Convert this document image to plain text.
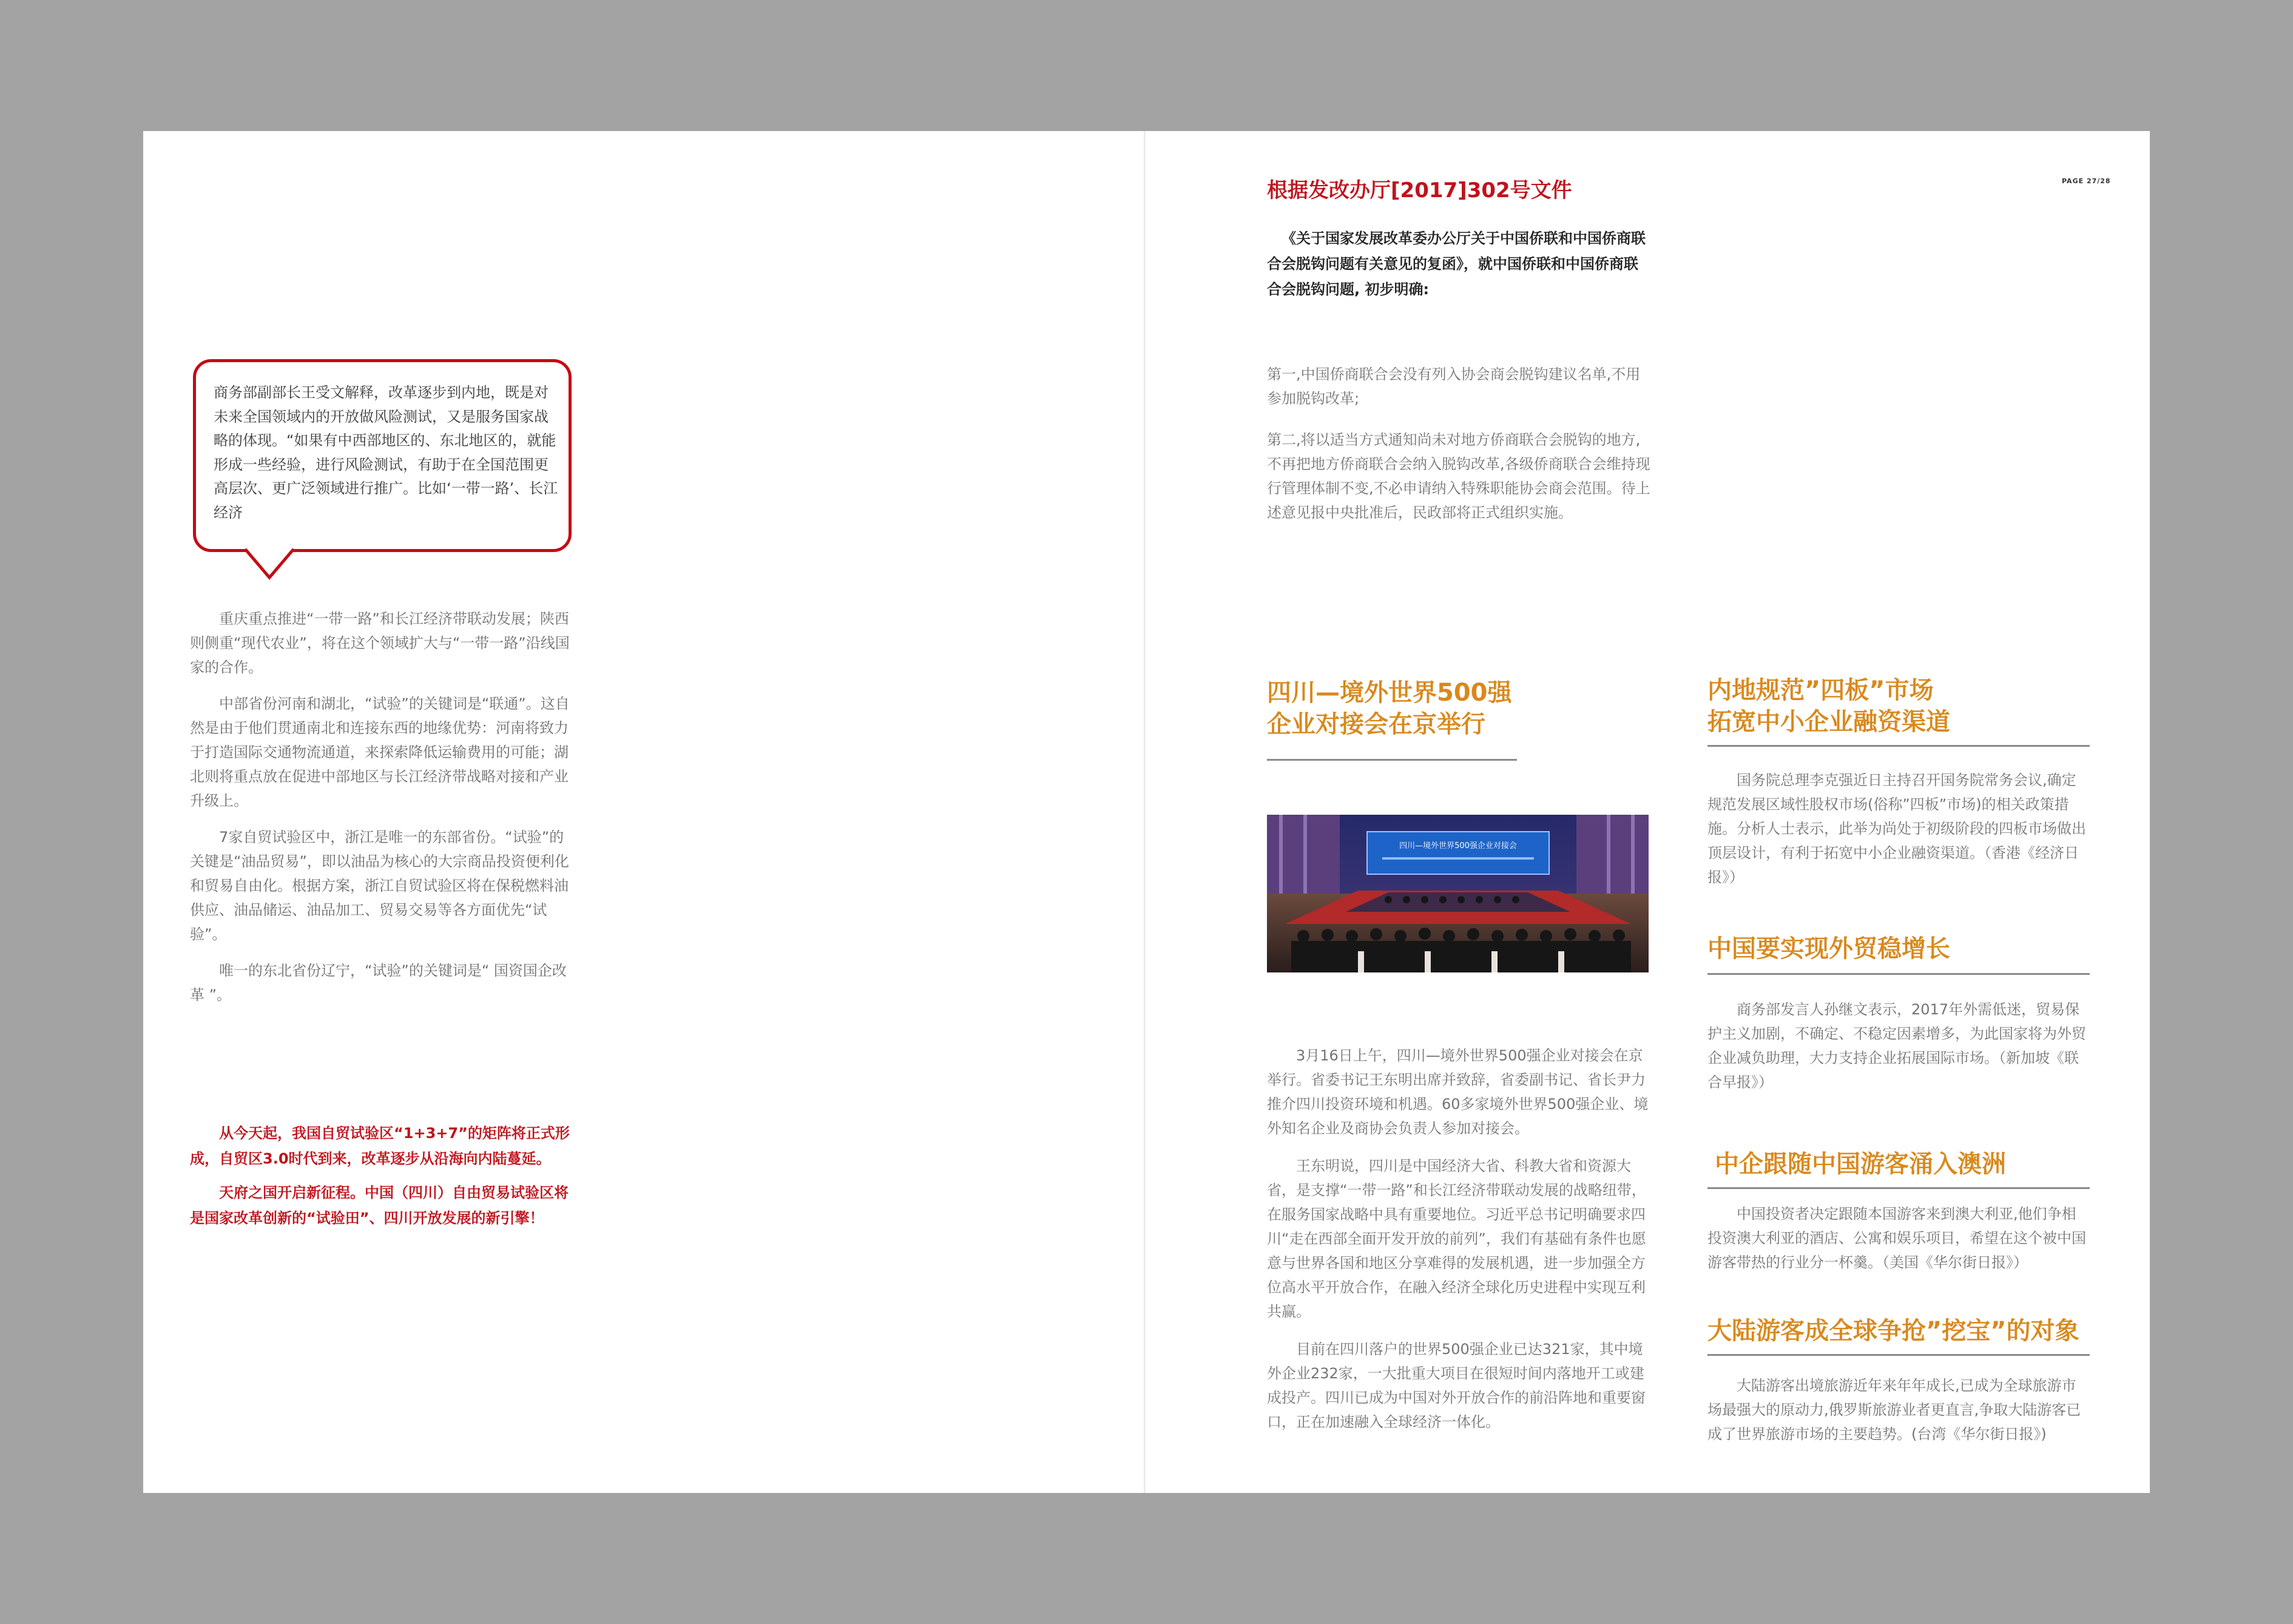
商务部副部长王受文解释，改革逐步到内地，既是对未来全国领域内的开放做风险测试，又是服务国家战略的体现。“如果有中西部地区的、东北地区的，就能形成一些经验，进行风险测试，有助于在全国范围更高层次、更广泛领域进行推广。比如‘一带一路’、长江经济

重庆重点推进“一带一路”和长江经济带联动发展；陕西则侧重“现代农业”，将在这个领域扩大与“一带一路”沿线国家的合作。

中部省份河南和湖北，“试验”的关键词是“联通”。这自然是由于他们贯通南北和连接东西的地缘优势：河南将致力于打造国际交通物流通道，来探索降低运输费用的可能；湖北则将重点放在促进中部地区与长江经济带战略对接和产业升级上。

7家自贸试验区中，浙江是唯一的东部省份。“试验”的关键是“油品贸易”，即以油品为核心的大宗商品投资便利化和贸易自由化。根据方案，浙江自贸试验区将在保税燃料油供应、油品储运、油品加工、贸易交易等各方面优先“试验”。

唯一的东北省份辽宁，“试验”的关键词是“ 国资国企改革 ”。

从今天起，我国自贸试验区“1+3+7”的矩阵将正式形成，自贸区3.0时代到来，改革逐步从沿海向内陆蔓延。

天府之国开启新征程。中国（四川）自由贸易试验区将是国家改革创新的“试验田”、四川开放发展的新引擎！

根据发改办厅[2017]302号文件	PAGE 27/28
《关于国家发展改革委办公厅关于中国侨联和中国侨商联合会脱钩问题有关意见的复函》，就中国侨联和中国侨商联合会脱钩问题, 初步明确:

第一,中国侨商联合会没有列入协会商会脱钩建议名单,不用参加脱钩改革;

第二,将以适当方式通知尚未对地方侨商联合会脱钩的地方,不再把地方侨商联合会纳入脱钩改革,各级侨商联合会维持现行管理体制不变,不必申请纳入特殊职能协会商会范围。待上述意见报中央批准后，民政部将正式组织实施。

四川—境外世界500强
企业对接会在京举行
四川—境外世界500强企业对接会

3月16日上午，四川—境外世界500强企业对接会在京举行。省委书记王东明出席并致辞，省委副书记、省长尹力推介四川投资环境和机遇。60多家境外世界500强企业、境外知名企业及商协会负责人参加对接会。

王东明说，四川是中国经济大省、科教大省和资源大省，是支撑“一带一路”和长江经济带联动发展的战略纽带，在服务国家战略中具有重要地位。习近平总书记明确要求四川“走在西部全面开发开放的前列”，我们有基础有条件也愿意与世界各国和地区分享难得的发展机遇，进一步加强全方位高水平开放合作，在融入经济全球化历史进程中实现互利共赢。

目前在四川落户的世界500强企业已达321家，其中境外企业232家，一大批重大项目在很短时间内落地开工或建成投产。四川已成为中国对外开放合作的前沿阵地和重要窗口，正在加速融入全球经济一体化。

内地规范”四板”市场
拓宽中小企业融资渠道
国务院总理李克强近日主持召开国务院常务会议,确定规范发展区域性股权市场(俗称”四板”市场)的相关政策措施。分析人士表示，此举为尚处于初级阶段的四板市场做出顶层设计，有利于拓宽中小企业融资渠道。（香港《经济日报》）
中国要实现外贸稳增长
商务部发言人孙继文表示，2017年外需低迷，贸易保护主义加剧，不确定、不稳定因素增多，为此国家将为外贸企业减负助理，大力支持企业拓展国际市场。（新加坡《联合早报》）
中企跟随中国游客涌入澳洲
中国投资者决定跟随本国游客来到澳大利亚,他们争相投资澳大利亚的酒店、公寓和娱乐项目，希望在这个被中国游客带热的行业分一杯羹。（美国《华尔街日报》）
大陆游客成全球争抢”挖宝”的对象
大陆游客出境旅游近年来年年成长,已成为全球旅游市场最强大的原动力,俄罗斯旅游业者更直言,争取大陆游客已成了世界旅游市场的主要趋势。(台湾《华尔街日报》)
